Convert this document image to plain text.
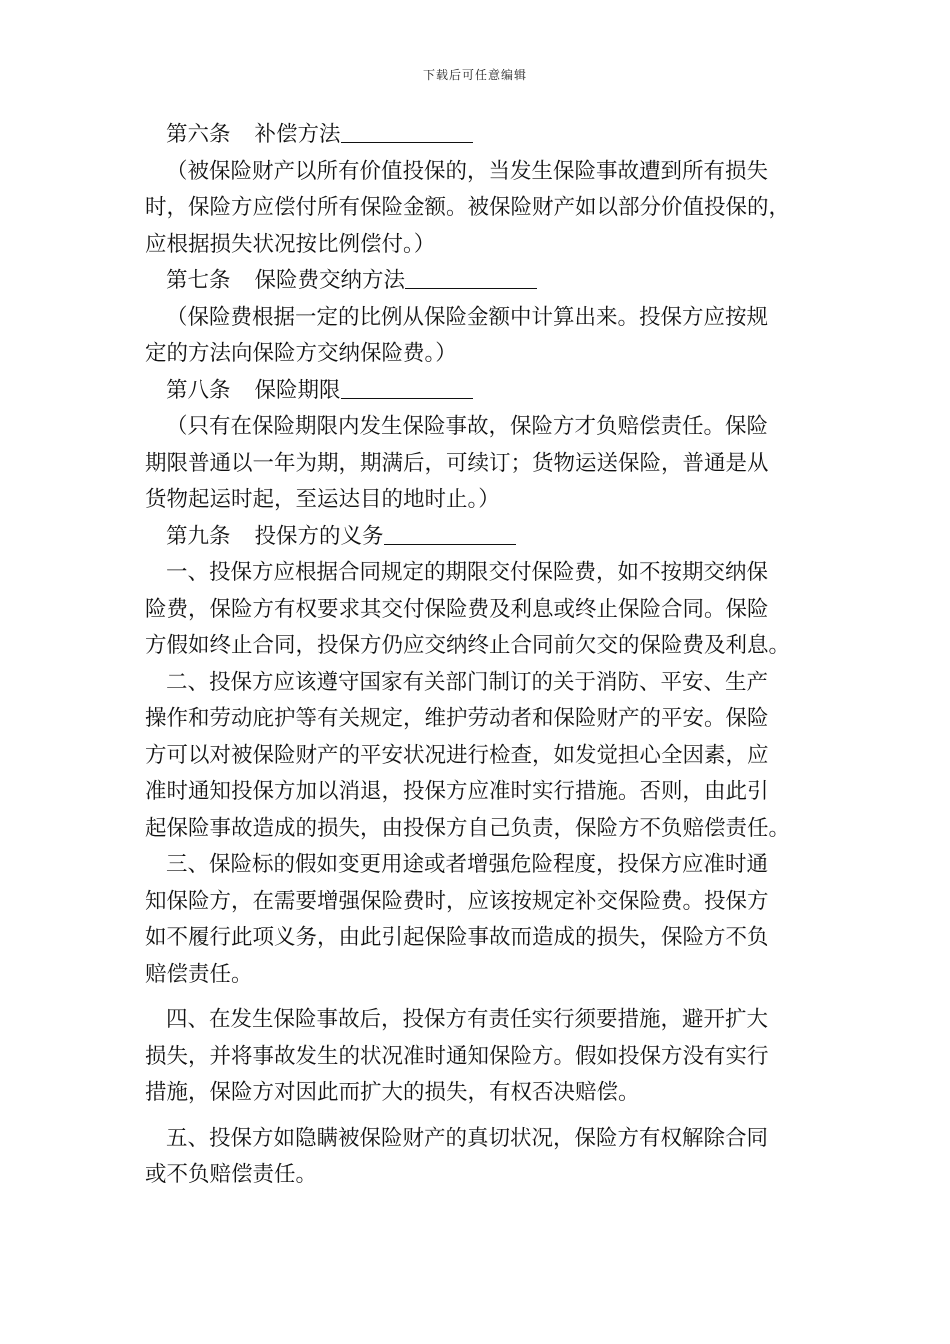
下载后可任意编辑
第六条 补偿方法
（被保险财产以所有价值投保的，当发生保险事故遭到所有损失
时，保险方应偿付所有保险金额。被保险财产如以部分价值投保的，
应根据损失状况按比例偿付。）
第七条 保险费交纳方法
（保险费根据一定的比例从保险金额中计算出来。投保方应按规
定的方法向保险方交纳保险费。）
第八条 保险期限
（只有在保险期限内发生保险事故，保险方才负赔偿责任。保险
期限普通以一年为期，期满后，可续订；货物运送保险，普通是从
货物起运时起，至运达目的地时止。）
第九条 投保方的义务
一、投保方应根据合同规定的期限交付保险费，如不按期交纳保
险费，保险方有权要求其交付保险费及利息或终止保险合同。保险
方假如终止合同，投保方仍应交纳终止合同前欠交的保险费及利息。
二、投保方应该遵守国家有关部门制订的关于消防、平安、生产
操作和劳动庇护等有关规定，维护劳动者和保险财产的平安。保险
方可以对被保险财产的平安状况进行检查，如发觉担心全因素，应
准时通知投保方加以消退，投保方应准时实行措施。否则，由此引
起保险事故造成的损失，由投保方自己负责，保险方不负赔偿责任。
三、保险标的假如变更用途或者增强危险程度，投保方应准时通
知保险方，在需要增强保险费时，应该按规定补交保险费。投保方
如不履行此项义务，由此引起保险事故而造成的损失，保险方不负
赔偿责任。
四、在发生保险事故后，投保方有责任实行须要措施，避开扩大
损失，并将事故发生的状况准时通知保险方。假如投保方没有实行
措施，保险方对因此而扩大的损失，有权否决赔偿。
五、投保方如隐瞒被保险财产的真切状况，保险方有权解除合同
或不负赔偿责任。
